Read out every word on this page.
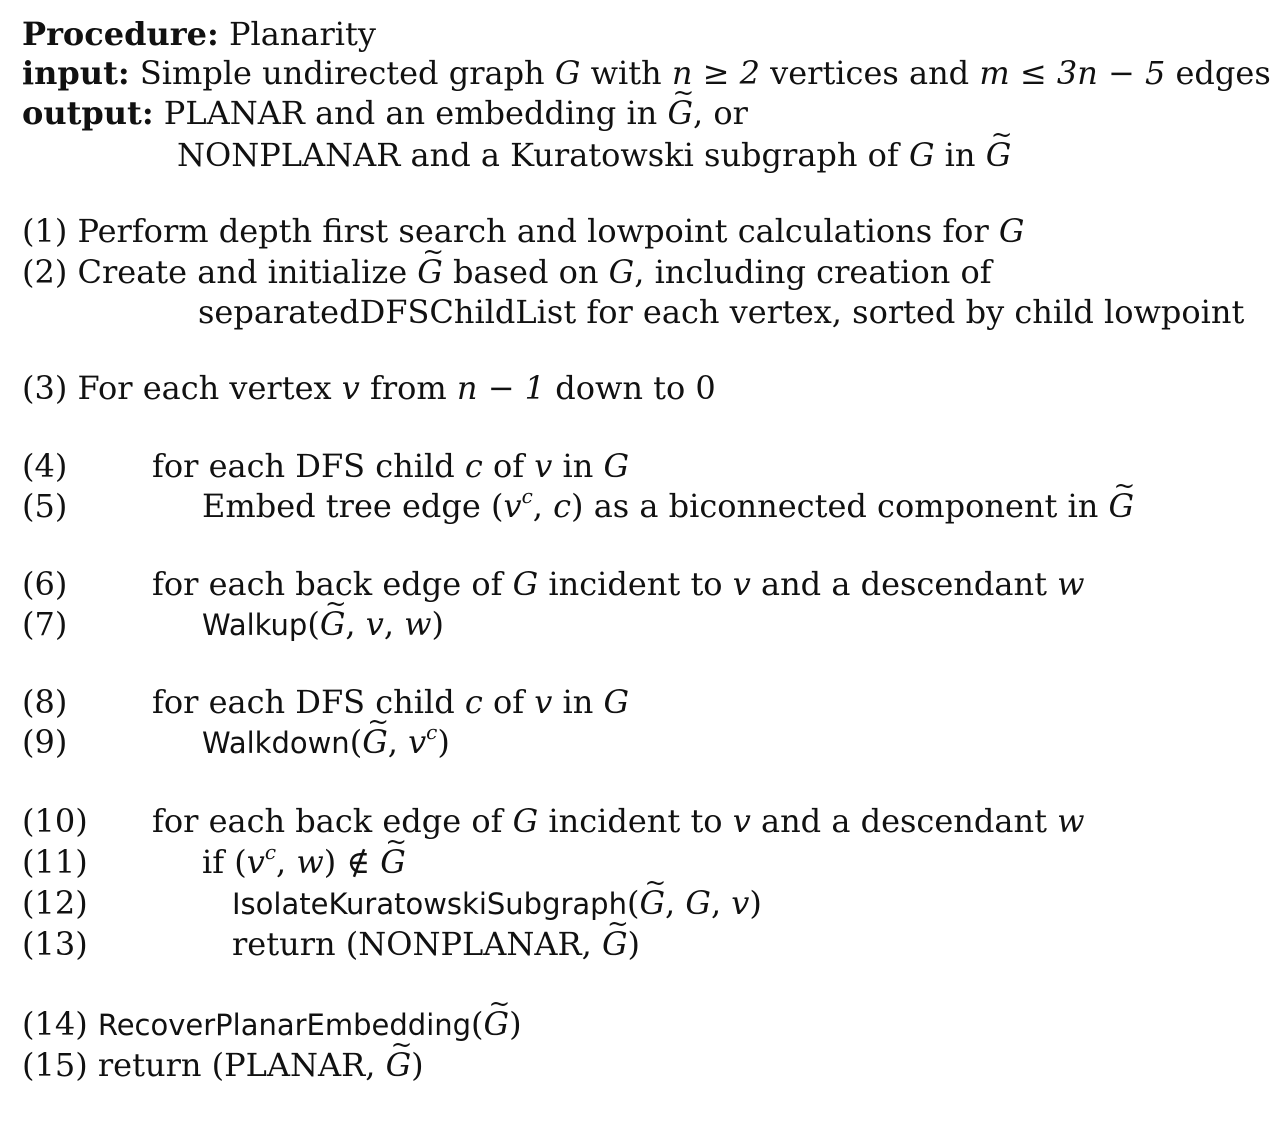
Procedure: Planarity
input: Simple undirected graph G with n ≥ 2 vertices and m ≤ 3n − 5 edges
output: PLANAR and an embedding in ~ G, or
NONPLANAR and a Kuratowski subgraph of G in ~ G
(1) Perform depth first search and lowpoint calculations for G
(2) Create and initialize ~ G based on G, including creation of
separatedDFSChildList for each vertex, sorted by child lowpoint
(3) For each vertex v from n − 1 down to 0
(4)	for each DFS child c of v in G
(5)	Embed tree edge ($v^c$, c) as a biconnected component in ~ G
(6)	for each back edge of G incident to v and a descendant w
(7)	Walkup(~ G, v, w)
(8)	for each DFS child c of v in G
(9)	Walkdown(~ G, $v^c$)
(10) for each back edge of G incident to v and a descendant w
(11)	if ($v^c$, w) ∉ ~ G
(12)	IsolateKuratowskiSubgraph(~ G, G, v)
(13)	return (NONPLANAR, ~ G)
(14) RecoverPlanarEmbedding(~ G)
(15) return (PLANAR, ~ G)
